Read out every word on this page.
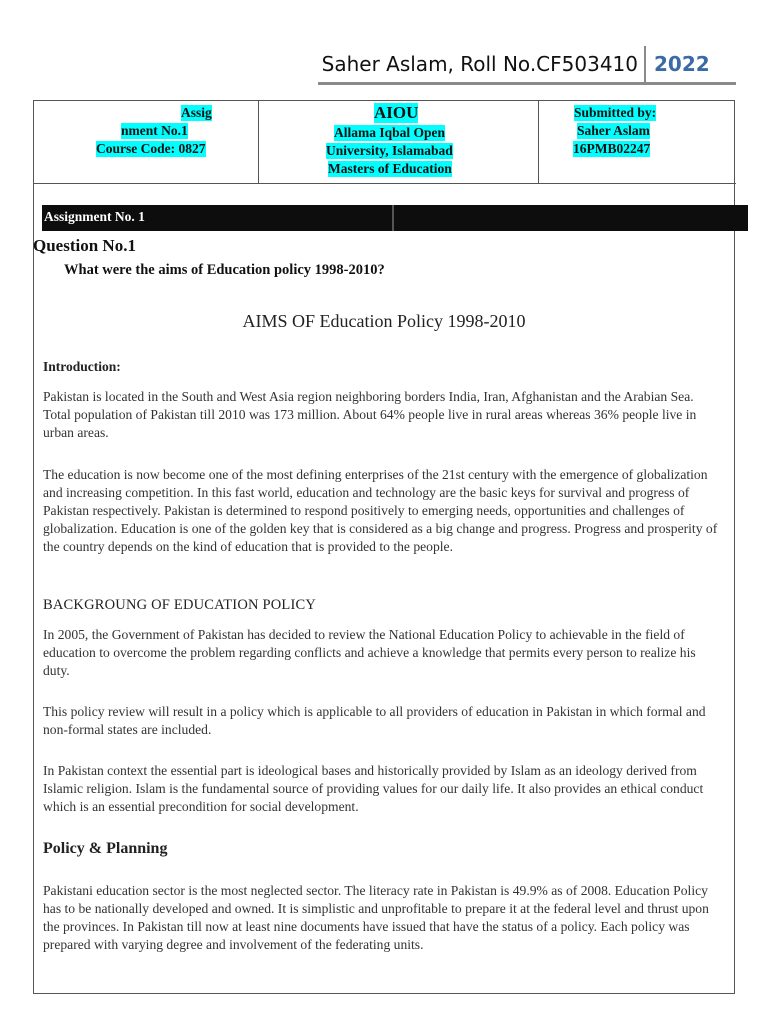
Saher Aslam, Roll No.CF503410 2022
Assig
nment No.1
Course Code: 0827
AIOU
Allama Iqbal Open
University, Islamabad
Masters of Education
Submitted by:
Saher Aslam
16PMB02247
Assignment No. 1
Question No.1
What were the aims of Education policy 1998-2010?
AIMS OF Education Policy 1998-2010
Introduction:

Pakistan is located in the South and West Asia region neighboring borders India, Iran, Afghanistan and the Arabian Sea. Total population of Pakistan till 2010 was 173 million. About 64% people live in rural areas whereas 36% people live in urban areas.

The education is now become one of the most defining enterprises of the 21st century with the emergence of globalization and increasing competition. In this fast world, education and technology are the basic keys for survival and progress of Pakistan respectively. Pakistan is determined to respond positively to emerging needs, opportunities and challenges of globalization. Education is one of the golden key that is considered as a big change and progress. Progress and prosperity of the country depends on the kind of education that is provided to the people.

BACKGROUNG OF EDUCATION POLICY

In 2005, the Government of Pakistan has decided to review the National Education Policy to achievable in the field of education to overcome the problem regarding conflicts and achieve a knowledge that permits every person to realize his duty.

This policy review will result in a policy which is applicable to all providers of education in Pakistan in which formal and non-formal states are included.

In Pakistan context the essential part is ideological bases and historically provided by Islam as an ideology derived from Islamic religion. Islam is the fundamental source of providing values for our daily life. It also provides an ethical conduct which is an essential precondition for social development.

Policy & Planning

Pakistani education sector is the most neglected sector. The literacy rate in Pakistan is 49.9% as of 2008. Education Policy has to be nationally developed and owned. It is simplistic and unprofitable to prepare it at the federal level and thrust upon the provinces. In Pakistan till now at least nine documents have issued that have the status of a policy. Each policy was prepared with varying degree and involvement of the federating units.
